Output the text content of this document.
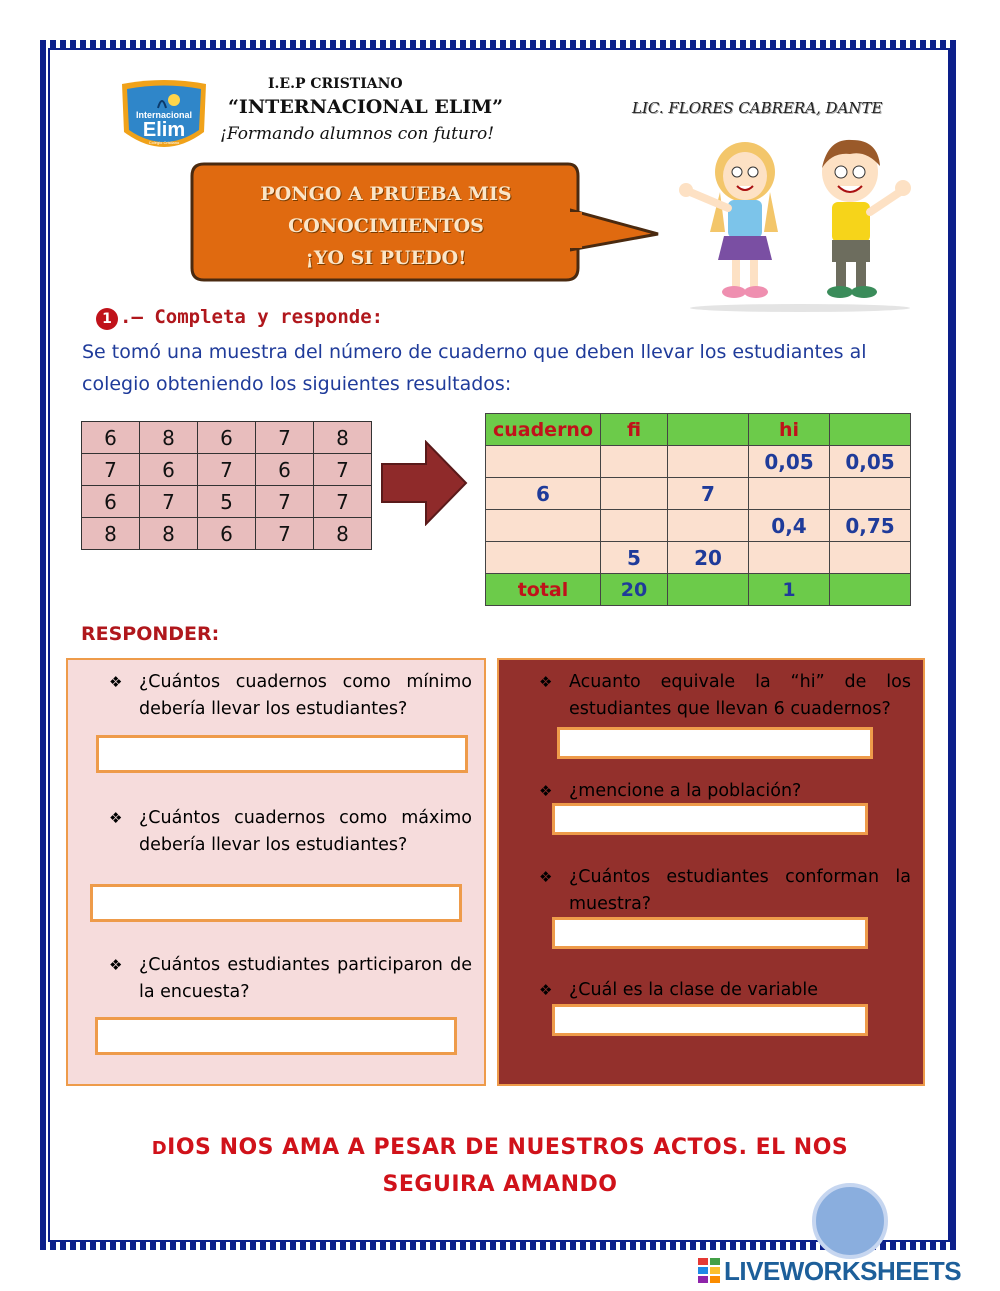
Internacional
Elim
Colegio Cristiano
I.E.P CRISTIANO
“INTERNACIONAL ELIM”
¡Formando alumnos con futuro!
LIC. FLORES CABRERA, DANTE
PONGO A PRUEBA MIS
CONOCIMIENTOS
¡YO SI PUEDO!
1 .– Completa y responde:
Se tomó una muestra del número de cuaderno que deben llevar los estudiantes al colegio obteniendo los siguientes resultados:
6	8	6	7	8
7	6	7	6	7
6	7	5	7	7
8	8	6	7	8
cuaderno	fi		hi	
			0,05	0,05
6		7		
			0,4	0,75
	5	20		
total	20		1	
RESPONDER:
❖ ¿Cuántos cuadernos como mínimo debería llevar los estudiantes?
❖ ¿Cuántos cuadernos como máximo debería llevar los estudiantes?
❖ ¿Cuántos estudiantes participaron de la encuesta?
❖ Acuanto equivale la “hi” de los estudiantes que llevan 6 cuadernos?
❖ ¿mencione a la población?
❖ ¿Cuántos estudiantes conforman la muestra?
❖ ¿Cuál es la clase de variable
DIOS NOS AMA A PESAR DE NUESTROS ACTOS. EL NOS
SEGUIRA AMANDO
LIVEWORKSHEETS
